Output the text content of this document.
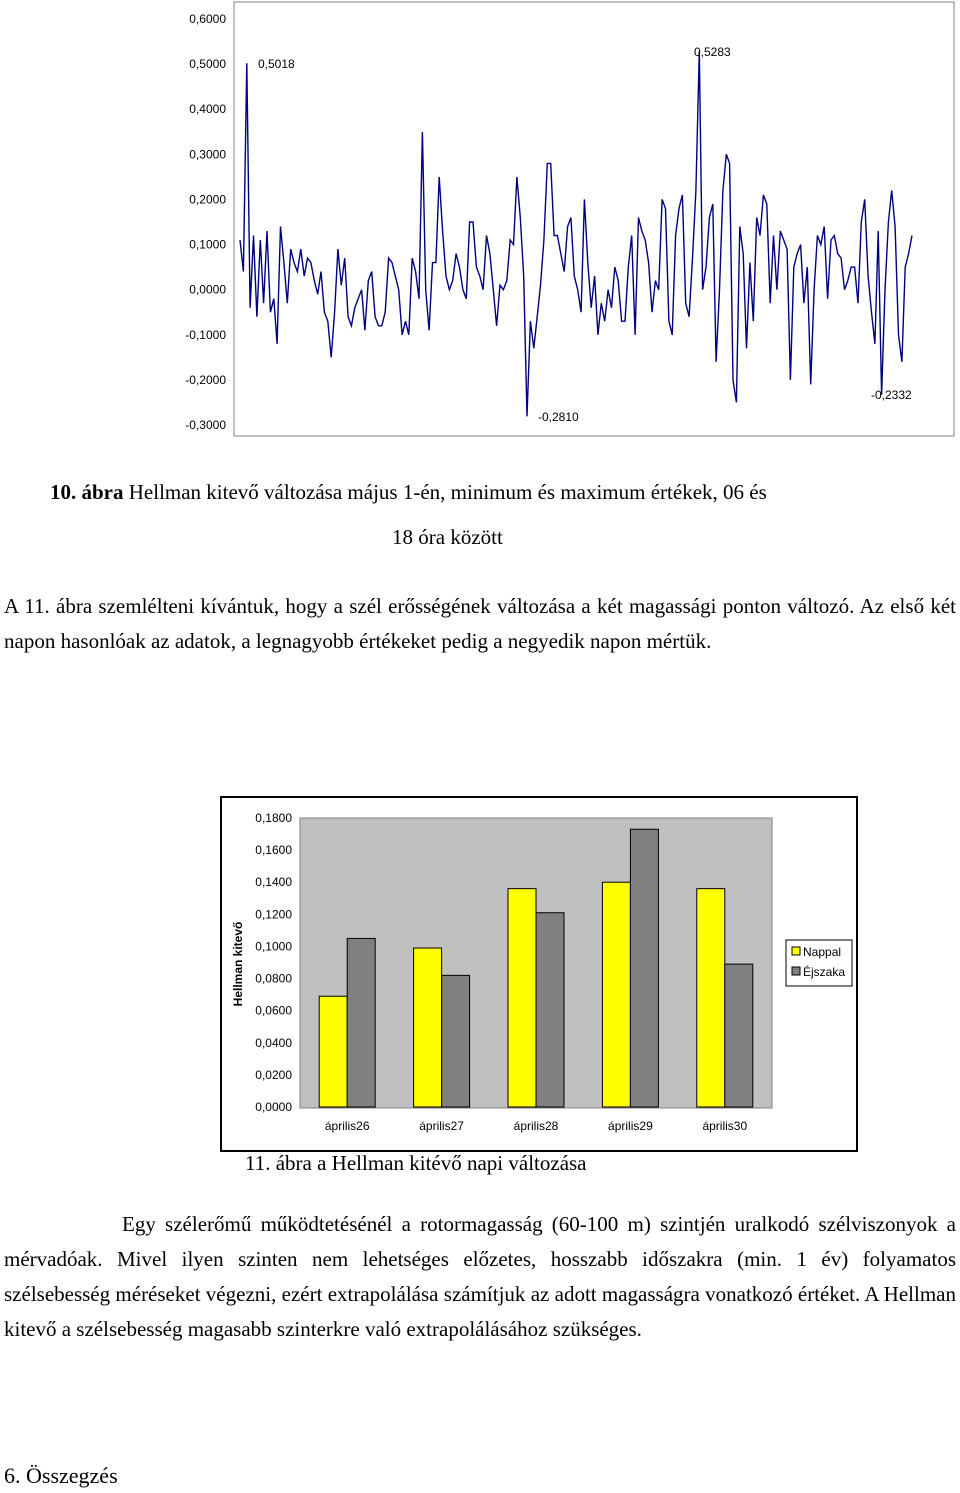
0,6000
0,5000
0,4000
0,3000
0,2000
0,1000
0,0000
-0,1000
-0,2000
-0,3000
0,5018
0,5283
-0,2810
-0,2332
10. ábra Hellman kitevő változása május 1-én, minimum és maximum értékek, 06 és
18 óra között

A 11. ábra szemlélteni kívántuk, hogy a szél erősségének változása a két magassági ponton változó. Az első két napon hasonlóak az adatok, a legnagyobb értékeket pedig a negyedik napon mértük.

0,1800
0,1600
0,1400
0,1200
0,1000
0,0800
0,0600
0,0400
0,0200
0,0000
április26	április27	április28	április29	április30
Hellman kitevő	Nappal
Éjszaka
11. ábra a Hellman kitévő napi változása

Egy szélerőmű működtetésénél a rotormagasság (60-100 m) szintjén uralkodó szélviszonyok a mérvadóak. Mivel ilyen szinten nem lehetséges előzetes, hosszabb időszakra (min. 1 év) folyamatos szélsebesség méréseket végezni, ezért extrapolálása számítjuk az adott magasságra vonatkozó értéket. A Hellman kitevő a szélsebesség magasabb szinterkre való extrapolálásához szükséges.

6. Összegzés
